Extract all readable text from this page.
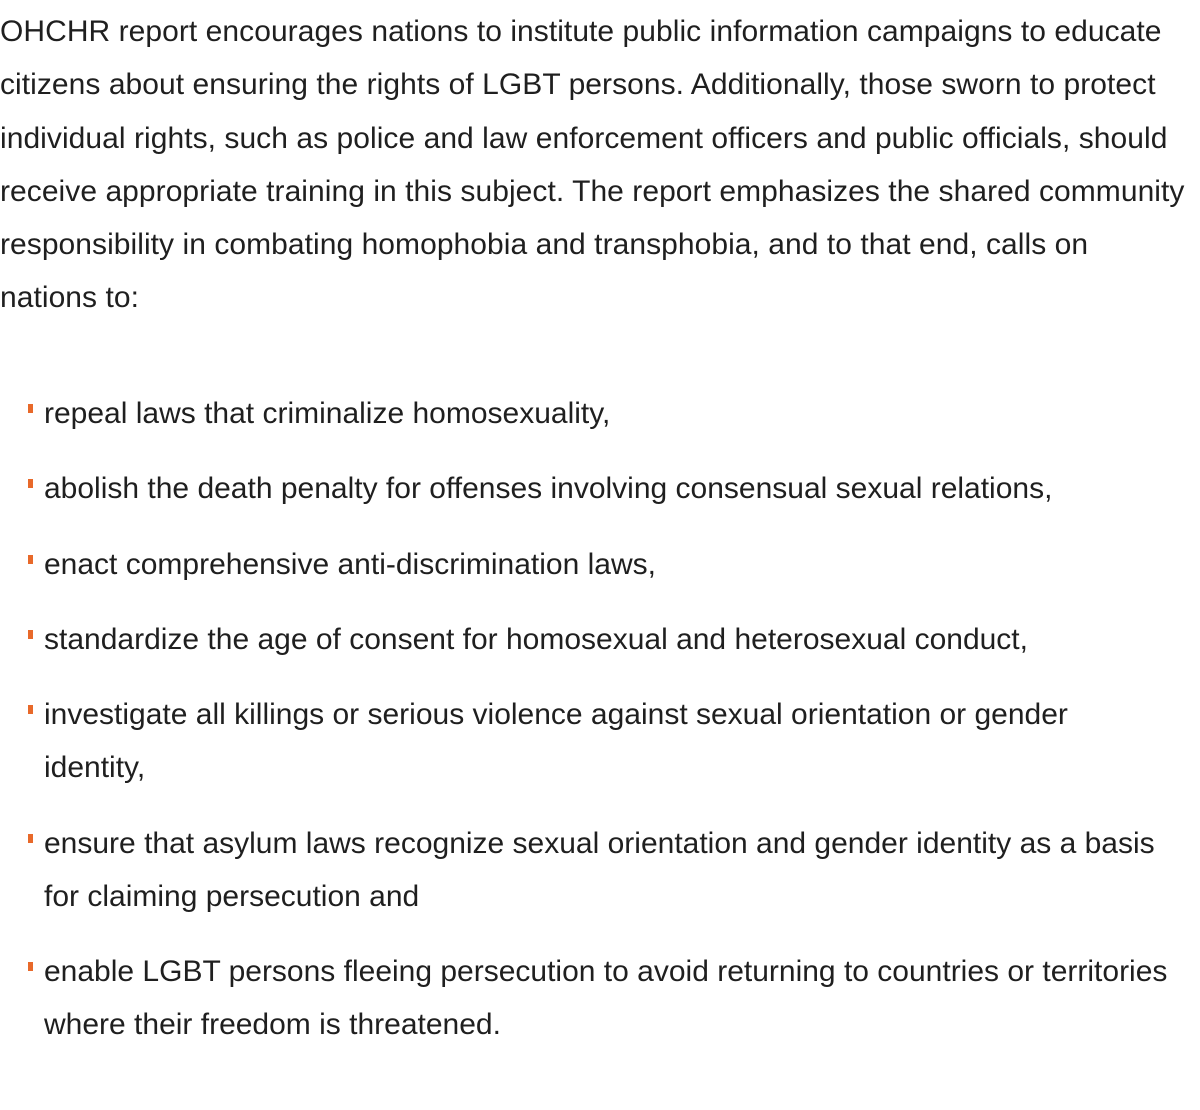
OHCHR report encourages nations to institute public information campaigns to educate citizens about ensuring the rights of LGBT persons. Additionally, those sworn to protect individual rights, such as police and law enforcement officers and public officials, should receive appropriate training in this subject. The report emphasizes the shared community responsibility in combating homophobia and transphobia, and to that end, calls on nations to:

repeal laws that criminalize homosexuality,
abolish the death penalty for offenses involving consensual sexual relations,
enact comprehensive anti-discrimination laws,
standardize the age of consent for homosexual and heterosexual conduct,
investigate all killings or serious violence against sexual orientation or gender identity,
ensure that asylum laws recognize sexual orientation and gender identity as a basis for claiming persecution and
enable LGBT persons fleeing persecution to avoid returning to countries or territories where their freedom is threatened.
